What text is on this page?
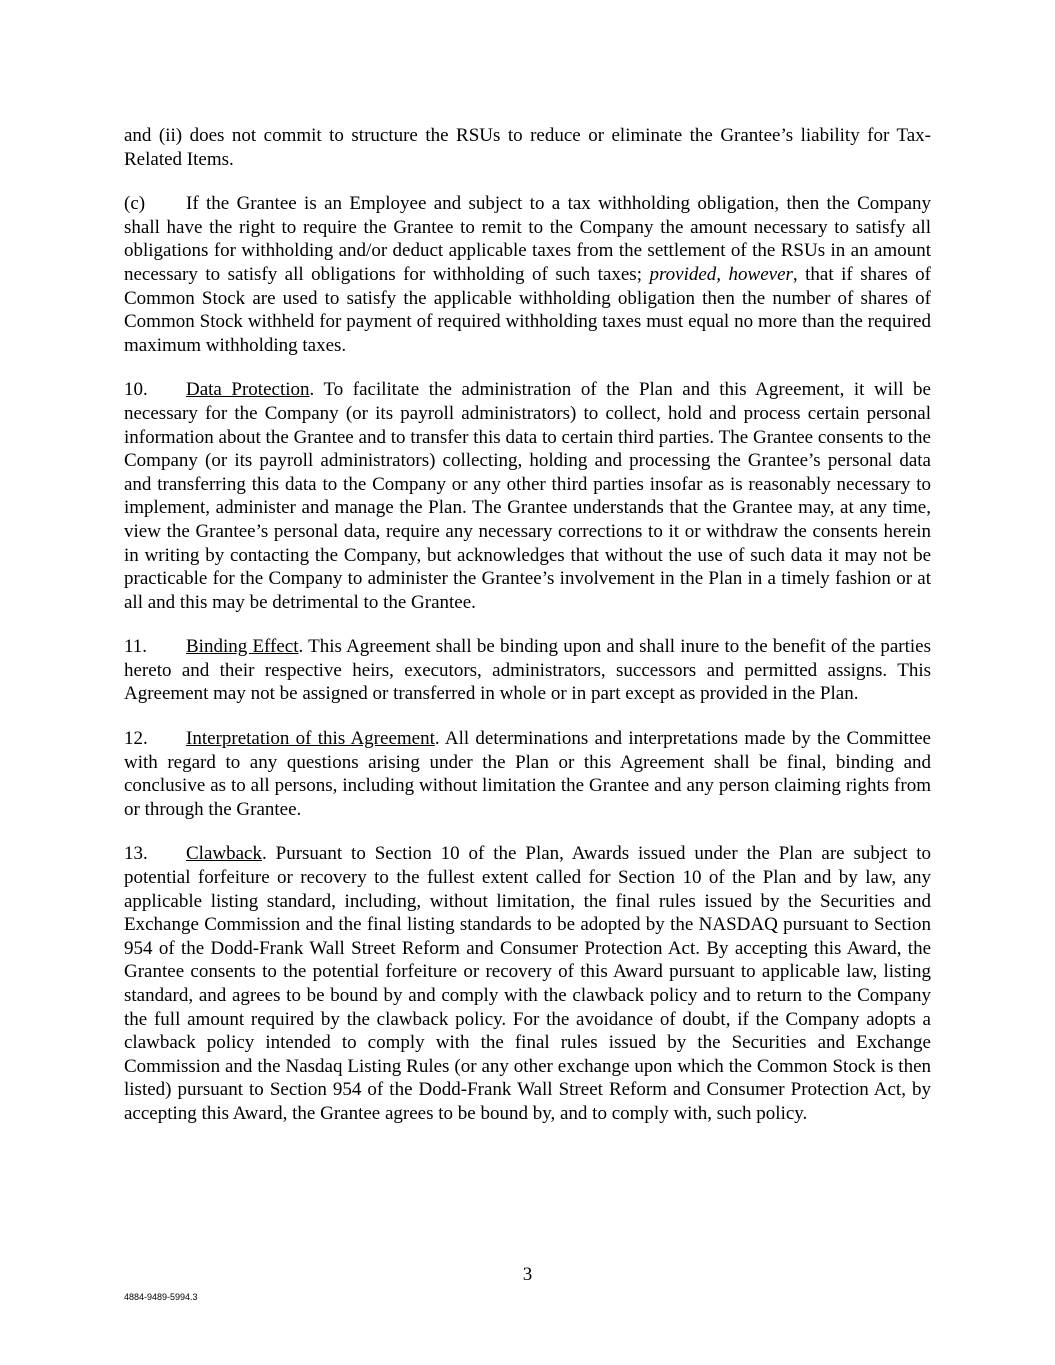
and (ii) does not commit to structure the RSUs to reduce or eliminate the Grantee’s liability for Tax-Related Items.

(c) If the Grantee is an Employee and subject to a tax withholding obligation, then the Company shall have the right to require the Grantee to remit to the Company the amount necessary to satisfy all obligations for withholding and/or deduct applicable taxes from the settlement of the RSUs in an amount necessary to satisfy all obligations for withholding of such taxes; provided, however, that if shares of Common Stock are used to satisfy the applicable withholding obligation then the number of shares of Common Stock withheld for payment of required withholding taxes must equal no more than the required maximum withholding taxes.

10. Data Protection. To facilitate the administration of the Plan and this Agreement, it will be necessary for the Company (or its payroll administrators) to collect, hold and process certain personal information about the Grantee and to transfer this data to certain third parties. The Grantee consents to the Company (or its payroll administrators) collecting, holding and processing the Grantee’s personal data and transferring this data to the Company or any other third parties insofar as is reasonably necessary to implement, administer and manage the Plan. The Grantee understands that the Grantee may, at any time, view the Grantee’s personal data, require any necessary corrections to it or withdraw the consents herein in writing by contacting the Company, but acknowledges that without the use of such data it may not be practicable for the Company to administer the Grantee’s involvement in the Plan in a timely fashion or at all and this may be detrimental to the Grantee.

11. Binding Effect. This Agreement shall be binding upon and shall inure to the benefit of the parties hereto and their respective heirs, executors, administrators, successors and permitted assigns. This Agreement may not be assigned or transferred in whole or in part except as provided in the Plan.

12. Interpretation of this Agreement. All determinations and interpretations made by the Committee with regard to any questions arising under the Plan or this Agreement shall be final, binding and conclusive as to all persons, including without limitation the Grantee and any person claiming rights from or through the Grantee.

13. Clawback. Pursuant to Section 10 of the Plan, Awards issued under the Plan are subject to potential forfeiture or recovery to the fullest extent called for Section 10 of the Plan and by law, any applicable listing standard, including, without limitation, the final rules issued by the Securities and Exchange Commission and the final listing standards to be adopted by the NASDAQ pursuant to Section 954 of the Dodd-Frank Wall Street Reform and Consumer Protection Act. By accepting this Award, the Grantee consents to the potential forfeiture or recovery of this Award pursuant to applicable law, listing standard, and agrees to be bound by and comply with the clawback policy and to return to the Company the full amount required by the clawback policy. For the avoidance of doubt, if the Company adopts a clawback policy intended to comply with the final rules issued by the Securities and Exchange Commission and the Nasdaq Listing Rules (or any other exchange upon which the Common Stock is then listed) pursuant to Section 954 of the Dodd-Frank Wall Street Reform and Consumer Protection Act, by accepting this Award, the Grantee agrees to be bound by, and to comply with, such policy.

3
4884-9489-5994.3
